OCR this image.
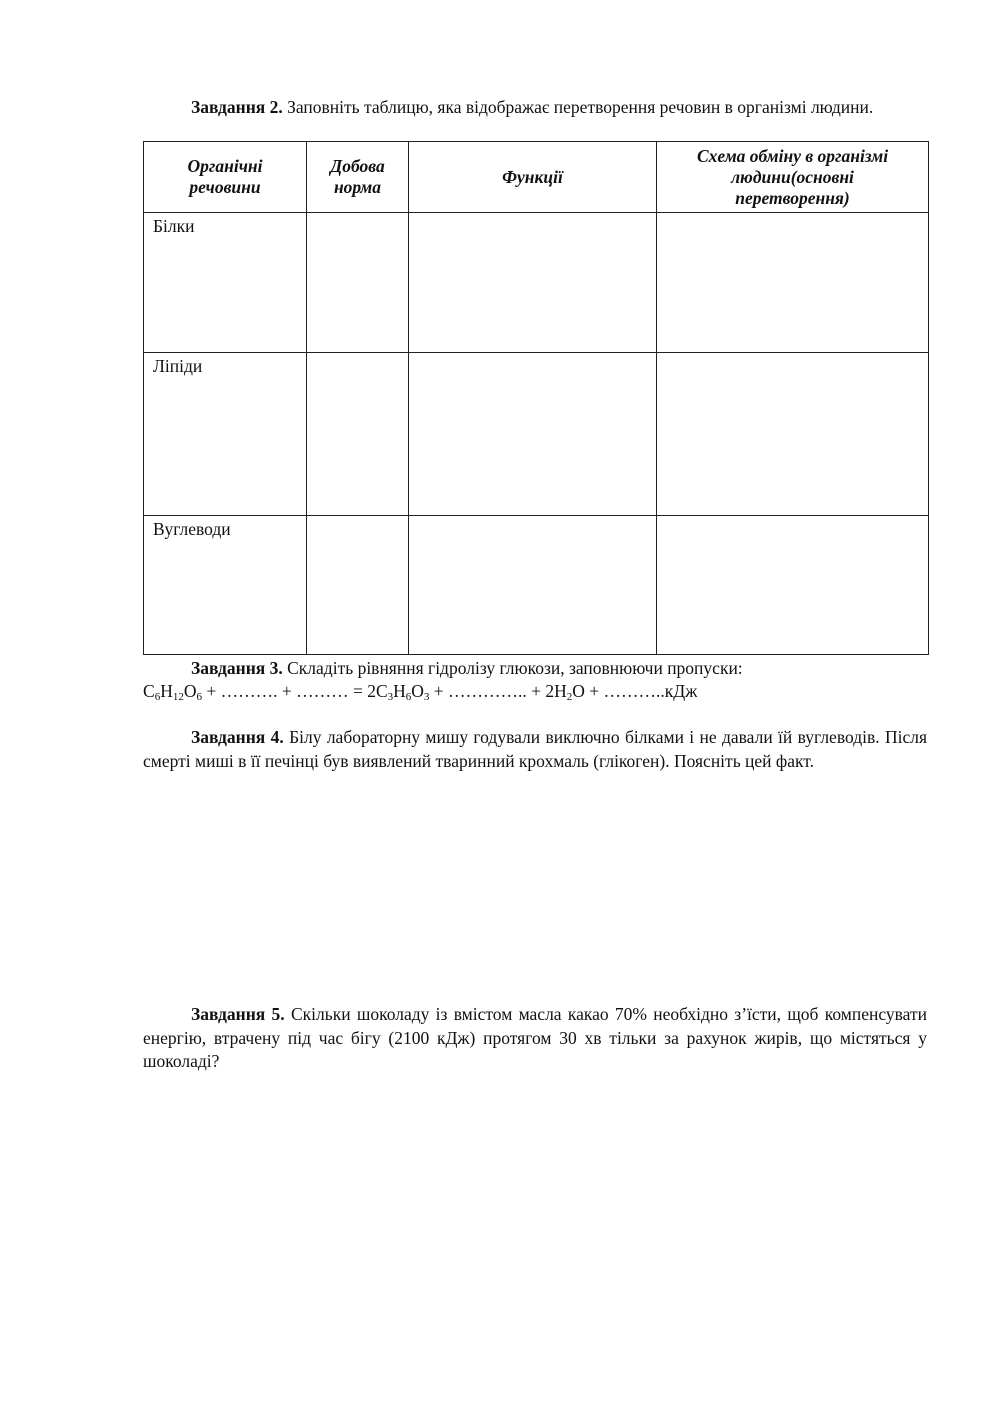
Завдання 2. Заповніть таблицю, яка відображає перетворення речовин в організмі людини.
Органічні речовини	Добова норма	Функції	Схема обміну в організмі людини(основні перетворення)

Білки			

Ліпіди			

Вуглеводи			

Завдання 3. Складіть рівняння гідролізу глюкози, заповнюючи пропуски:
$C_6H_{12}O_6$ + ………. + ……… = $2C_3H_6O_3$ + ………….. + $2H_2O$ + ………..кДж
Завдання 4. Білу лабораторну мишу годували виключно білками і не давали їй вуглеводів. Після смерті миші в її печінці був виявлений тваринний крохмаль (глікоген). Поясніть цей факт.
Завдання 5. Скільки шоколаду із вмістом масла какао 70% необхідно з’їсти, щоб компенсувати енергію, втрачену під час бігу (2100 кДж) протягом 30 хв тільки за рахунок жирів, що містяться у шоколаді?
